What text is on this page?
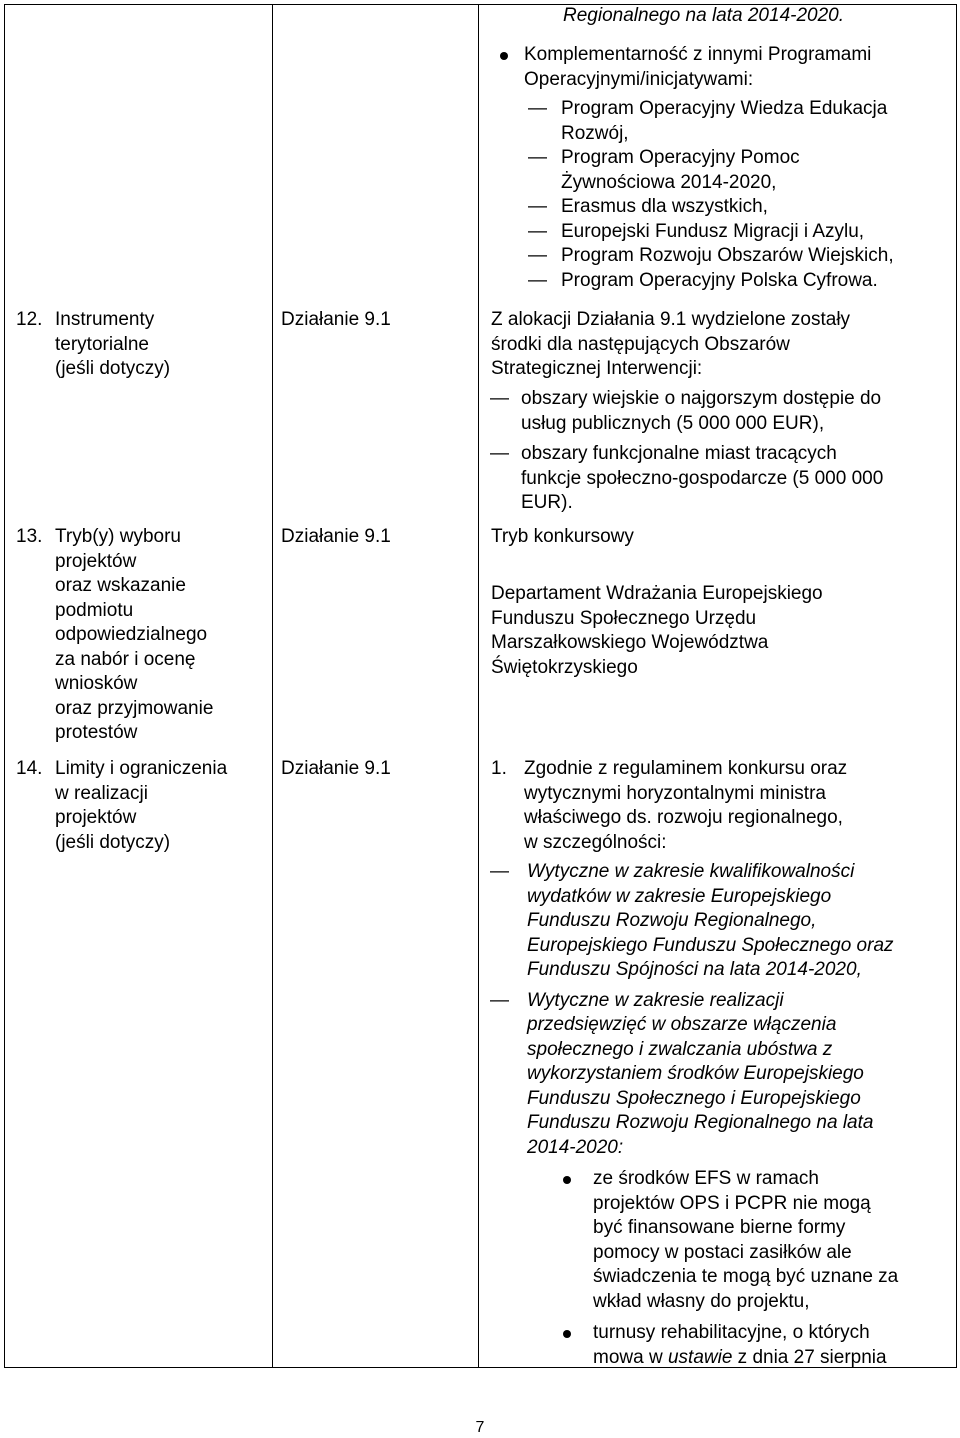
Regionalnego na lata 2014-2020.
Komplementarność z innymi Programami
Operacyjnymi/inicjatywami:
— Program Operacyjny Wiedza Edukacja
Rozwój,
— Program Operacyjny Pomoc
Żywnościowa 2014-2020,
— Erasmus dla wszystkich,
— Europejski Fundusz Migracji i Azylu,
— Program Rozwoju Obszarów Wiejskich,
— Program Operacyjny Polska Cyfrowa.
12. Instrumenty
terytorialne
(jeśli dotyczy)
Działanie 9.1
13. Tryb(y) wyboru
projektów
oraz wskazanie
podmiotu
odpowiedzialnego
za nabór i ocenę
wniosków
oraz przyjmowanie
protestów
Działanie 9.1
14. Limity i ograniczenia
w realizacji
projektów
(jeśli dotyczy)
Działanie 9.1
Z alokacji Działania 9.1 wydzielone zostały
środki dla następujących Obszarów
Strategicznej Interwencji:
— obszary wiejskie o najgorszym dostępie do
usług publicznych (5 000 000 EUR),
— obszary funkcjonalne miast tracących
funkcje społeczno-gospodarcze (5 000 000
EUR).
Tryb konkursowy
Departament Wdrażania Europejskiego
Funduszu Społecznego Urzędu
Marszałkowskiego Województwa
Świętokrzyskiego
1. Zgodnie z regulaminem konkursu oraz
wytycznymi horyzontalnymi ministra
właściwego ds. rozwoju regionalnego,
w szczególności:
— Wytyczne w zakresie kwalifikowalności
wydatków w zakresie Europejskiego
Funduszu Rozwoju Regionalnego,
Europejskiego Funduszu Społecznego oraz
Funduszu Spójności na lata 2014-2020,
— Wytyczne w zakresie realizacji
przedsięwzięć w obszarze włączenia
społecznego i zwalczania ubóstwa z
wykorzystaniem środków Europejskiego
Funduszu Społecznego i Europejskiego
Funduszu Rozwoju Regionalnego na lata
2014-2020:
ze środków EFS w ramach
projektów OPS i PCPR nie mogą
być finansowane bierne formy
pomocy w postaci zasiłków ale
świadczenia te mogą być uznane za
wkład własny do projektu,
turnusy rehabilitacyjne, o których
mowa w ustawie z dnia 27 sierpnia
7
